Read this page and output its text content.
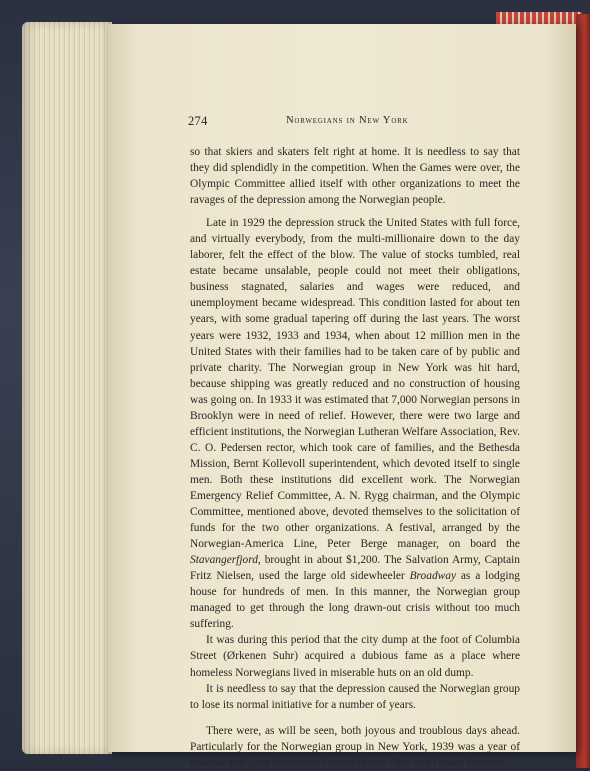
274	Norwegians in New York

so that skiers and skaters felt right at home. It is needless to say that they did splendidly in the competition. When the Games were over, the Olympic Committee allied itself with other organizations to meet the ravages of the depression among the Norwegian people.

Late in 1929 the depression struck the United States with full force, and virtually everybody, from the multi-millionaire down to the day laborer, felt the effect of the blow. The value of stocks tumbled, real estate became unsalable, people could not meet their obligations, business stagnated, salaries and wages were reduced, and unemployment became widespread. This condition lasted for about ten years, with some gradual tapering off during the last years. The worst years were 1932, 1933 and 1934, when about 12 million men in the United States with their families had to be taken care of by public and private charity. The Norwegian group in New York was hit hard, because shipping was greatly reduced and no construction of housing was going on. In 1933 it was estimated that 7,000 Norwegian persons in Brooklyn were in need of relief. However, there were two large and efficient institutions, the Norwegian Lutheran Welfare Association, Rev. C. O. Pedersen rector, which took care of families, and the Bethesda Mission, Bernt Kollevoll superintendent, which devoted itself to single men. Both these institutions did excellent work. The Norwegian Emergency Relief Committee, A. N. Rygg chairman, and the Olympic Committee, mentioned above, devoted themselves to the solicitation of funds for the two other organizations. A festival, arranged by the Norwegian-America Line, Peter Berge manager, on board the Stavangerfjord, brought in about $1,200. The Salvation Army, Captain Fritz Nielsen, used the large old sidewheeler Broadway as a lodging house for hundreds of men. In this manner, the Norwegian group managed to get through the long drawn-out crisis without too much suffering.

It was during this period that the city dump at the foot of Columbia Street (Ørkenen Suhr) acquired a dubious fame as a place where homeless Norwegians lived in miserable huts on an old dump.

It is needless to say that the depression caused the Norwegian group to lose its normal initiative for a number of years.

There were, as will be seen, both joyous and troublous days ahead. Particularly for the Norwegian group in New York, 1939 was a year of unusual and great festivities. Crown Prince Olav and Crown Princess
